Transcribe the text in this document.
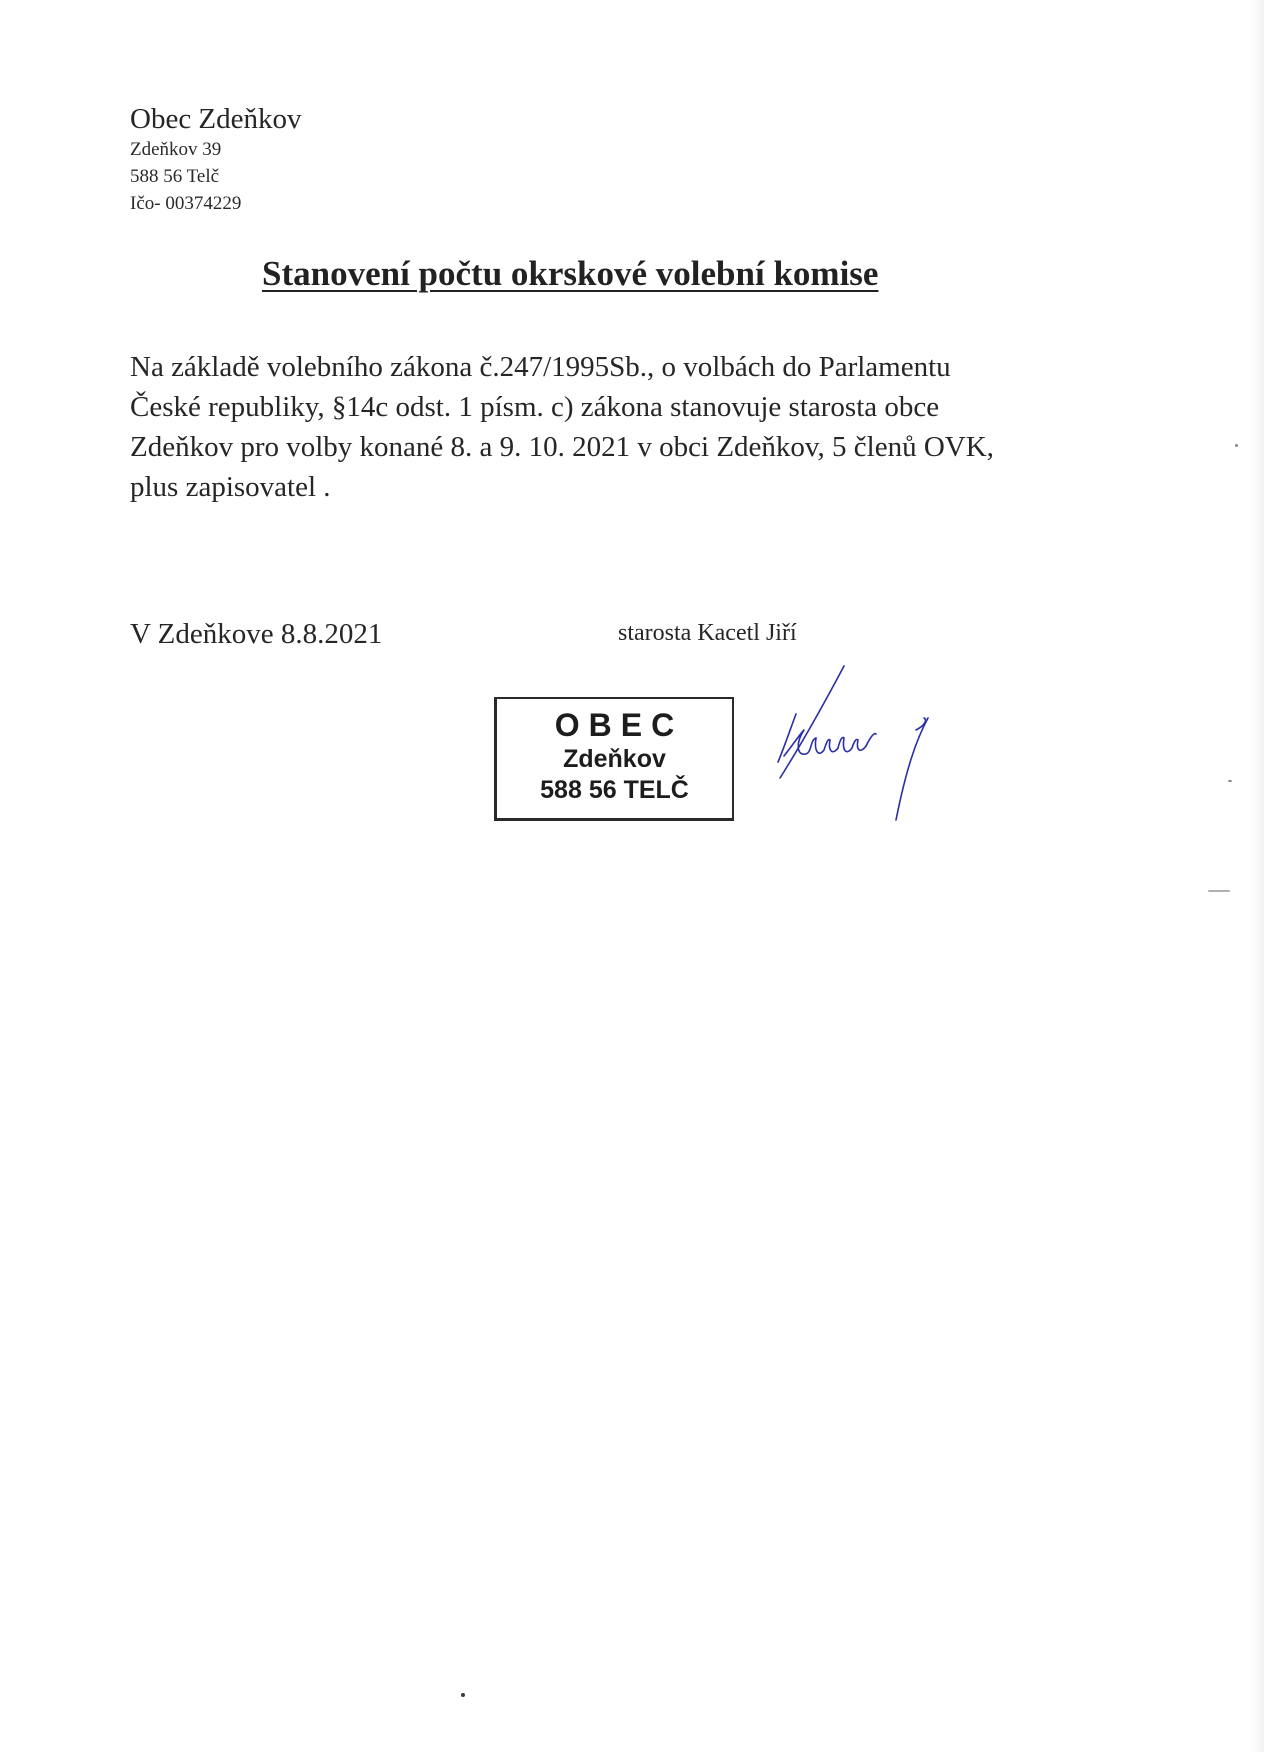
Obec Zdeňkov
Zdeňkov 39
588 56 Telč
Ičo- 00374229
Stanovení počtu okrskové volební komise
Na základě volebního zákona č.247/1995Sb., o volbách do Parlamentu
České republiky, §14c odst. 1 písm. c) zákona stanovuje starosta obce
Zdeňkov pro volby konané 8. a 9. 10. 2021 v obci Zdeňkov, 5 členů OVK,
plus zapisovatel .
V Zdeňkove 8.8.2021	starosta Kacetl Jiří
OBEC
Zdeňkov
588 56 TELČ
